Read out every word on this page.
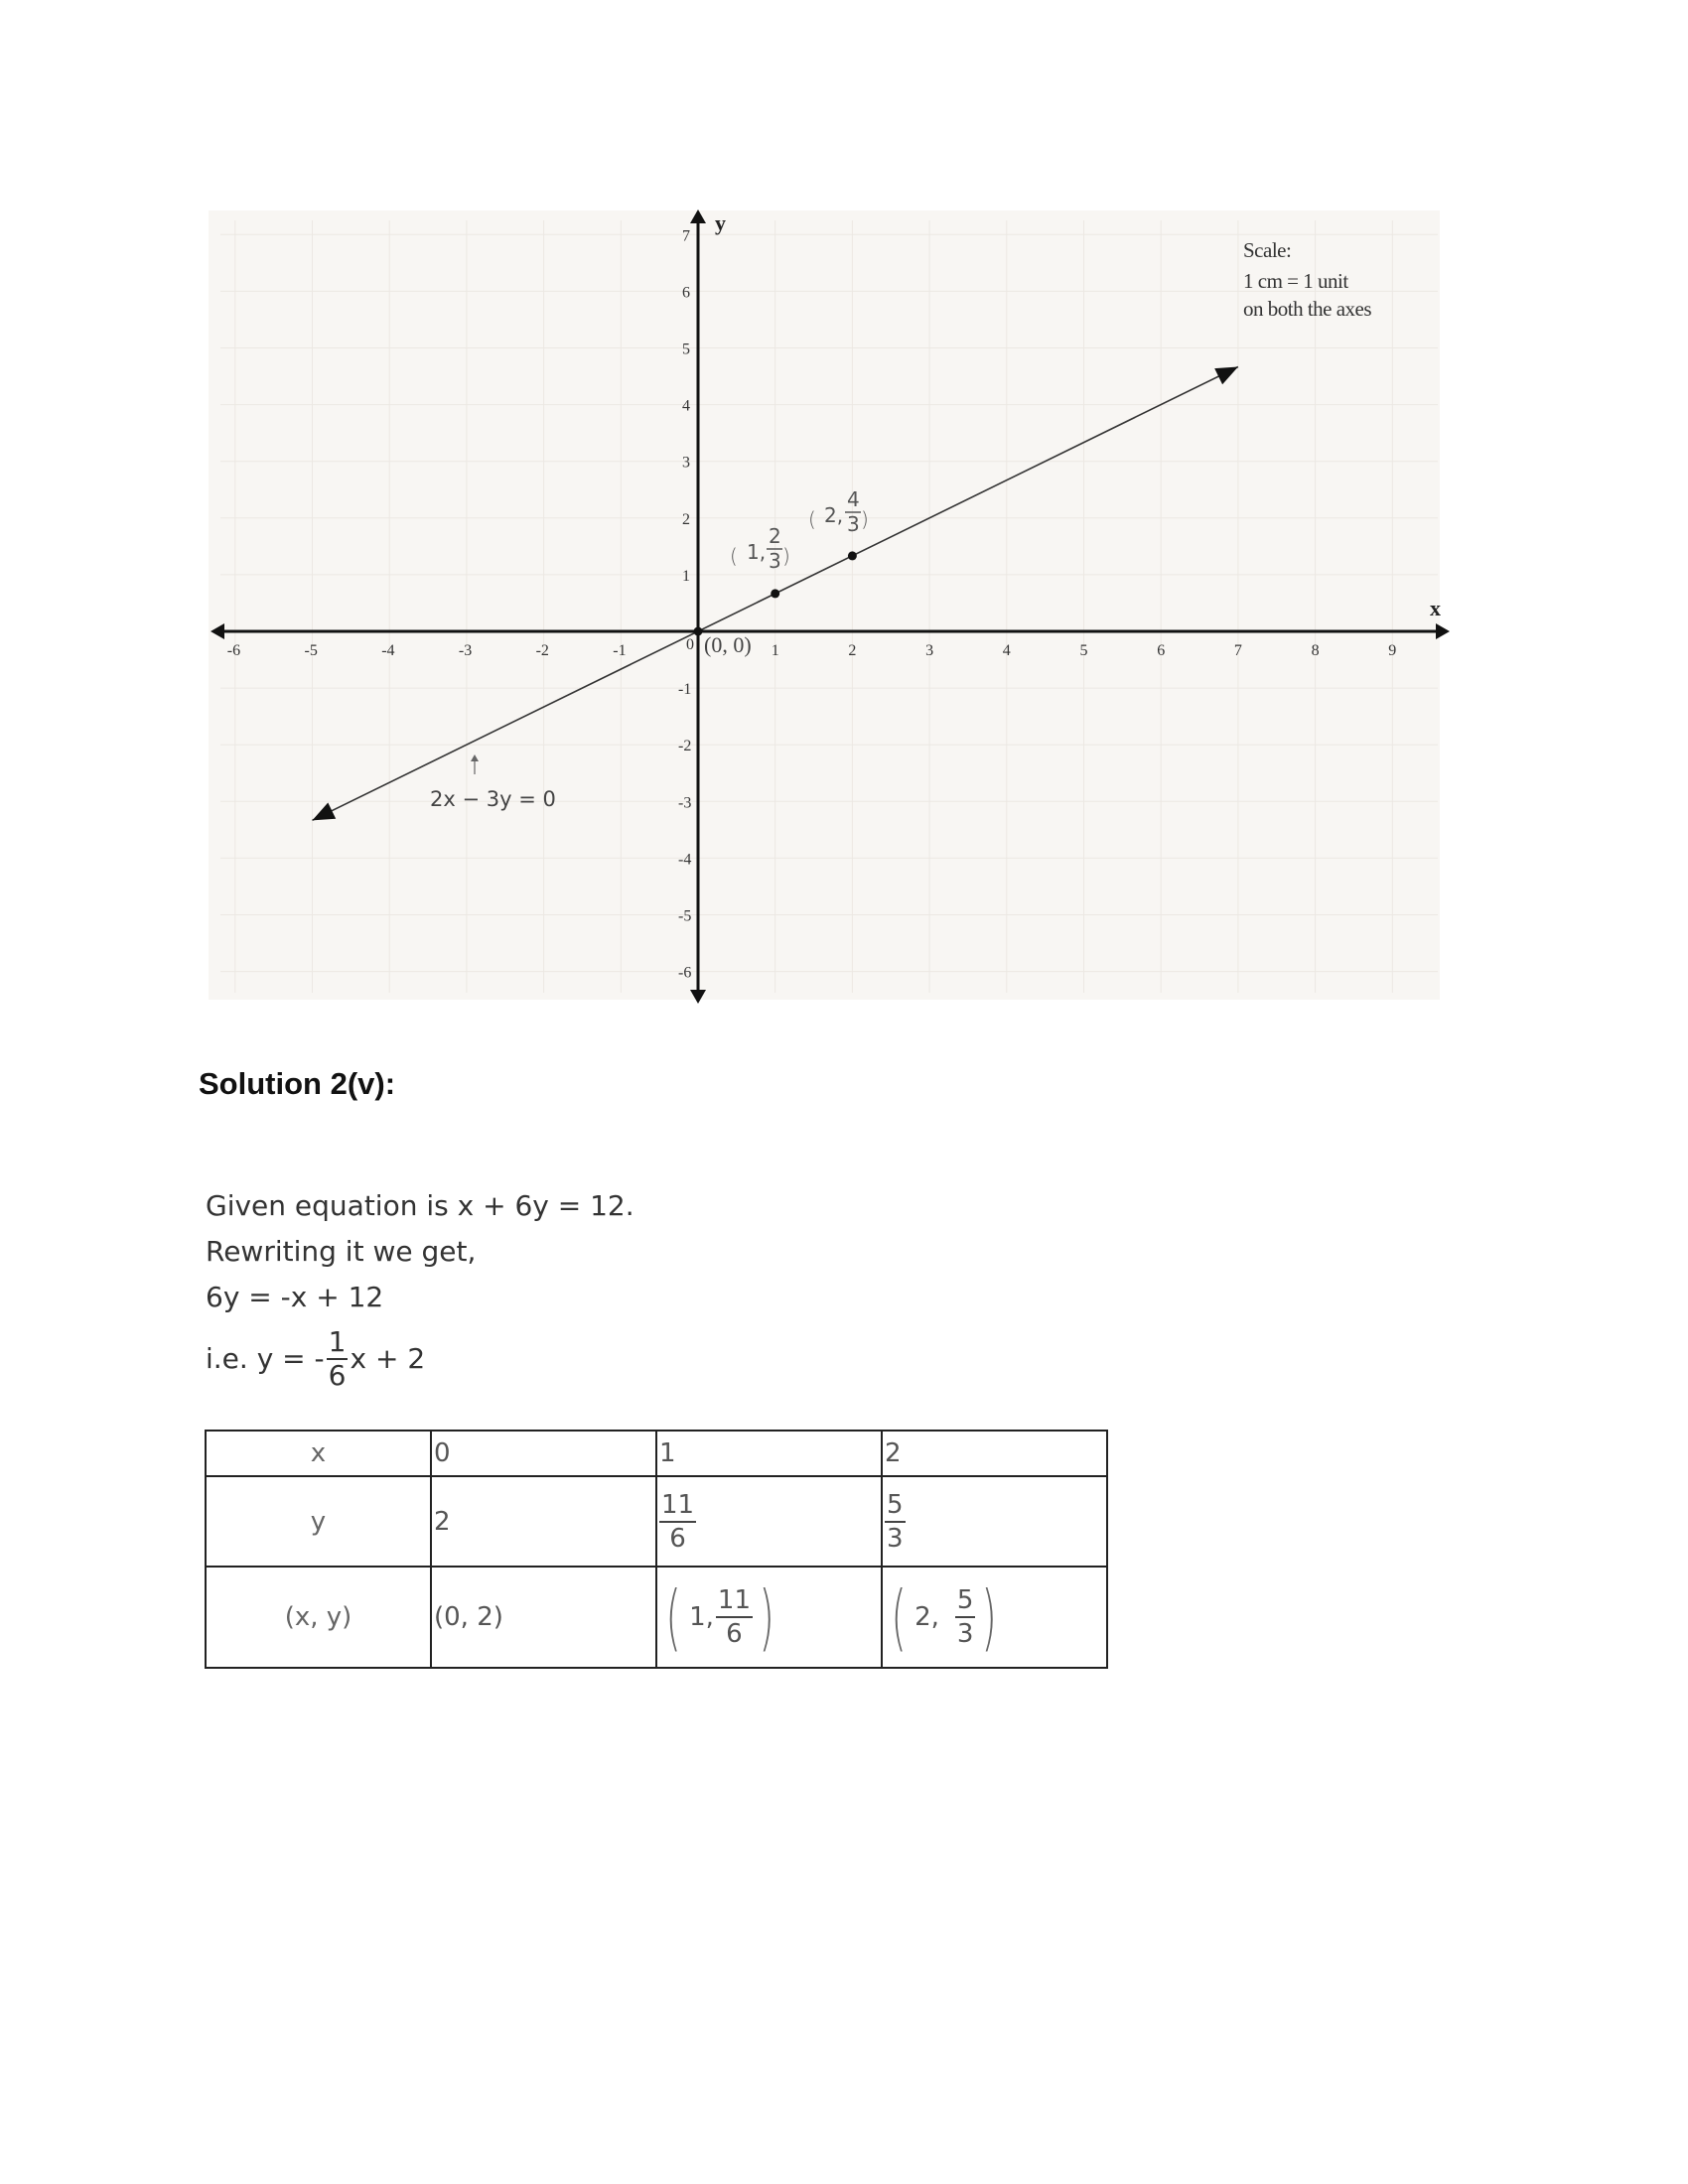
-6	-5	-4	-3	-2	-1	0	1	2	3	4	5	6	7	8	9
7
6
5
4
3
2
1
-1
-2
-3
-4
-5
-6
x
y
Scale:
1 cm = 1 unit
on both the axes
(0, 0)
( 1,
2
3 )
( 2,
4
3 )
2x − 3y = 0
Solution 2(v):
Given equation is x + 6y = 12.
Rewriting it we get,
6y = -x + 12
i.e. y = - $\frac{1}{6}$ x + 2
x	0	1	2
y	2	$\frac{11}{6}$	$\frac{5}{3}$

(x, y)	(0, 2)	( 1, $\frac{11}{6}$ )	( 2, $\frac{5}{3}$ )
